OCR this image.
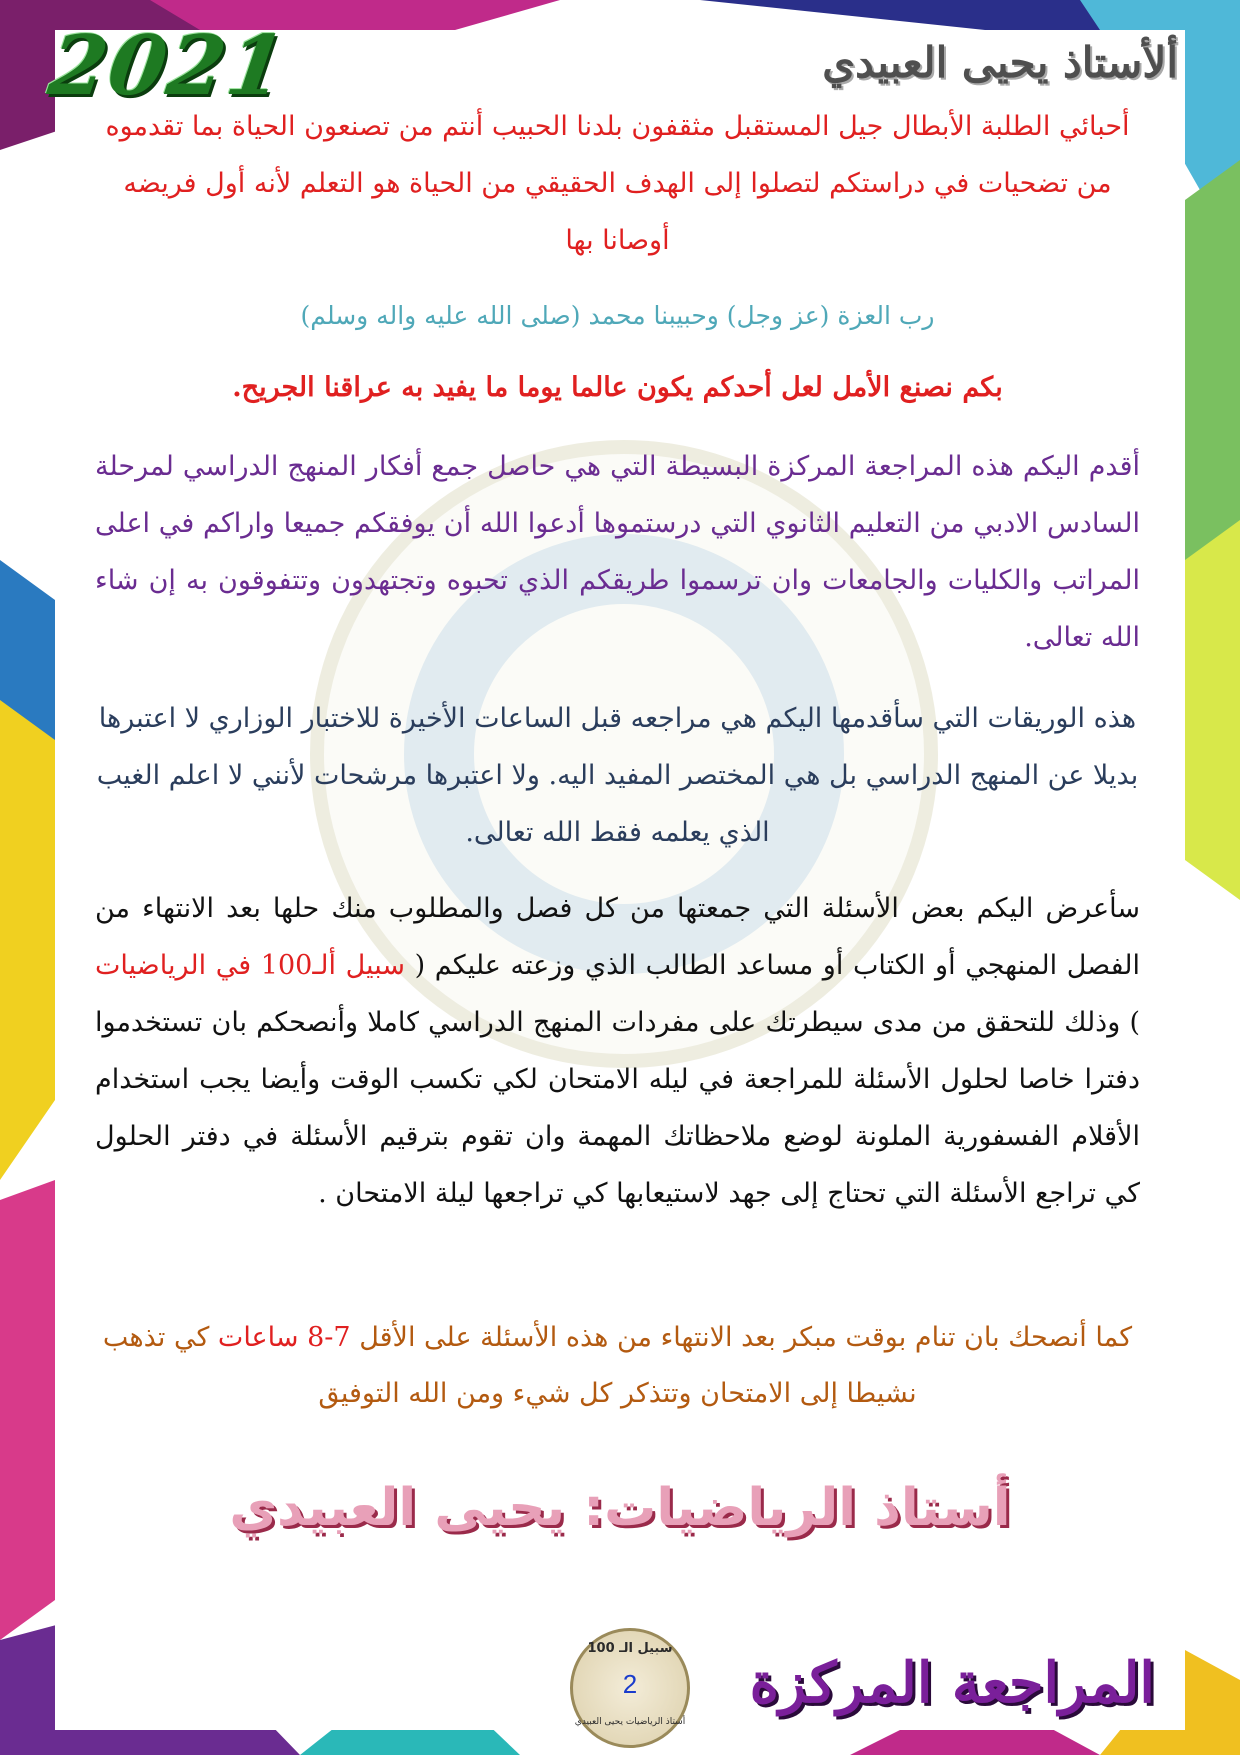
2021	ألأستاذ يحيى العبيدي

أحبائي الطلبة الأبطال جيل المستقبل مثقفون بلدنا الحبيب أنتم من تصنعون الحياة بما تقدموه من تضحيات في دراستكم لتصلوا إلى الهدف الحقيقي من الحياة هو التعلم لأنه أول فريضه أوصانا بها

رب العزة (عز وجل) وحبيبنا محمد (صلى الله عليه واله وسلم)

بكم نصنع الأمل لعل أحدكم يكون عالما يوما ما يفيد به عراقنا الجريح.

أقدم اليكم هذه المراجعة المركزة البسيطة التي هي حاصل جمع أفكار المنهج الدراسي لمرحلة السادس الادبي من التعليم الثانوي التي درستموها أدعوا الله أن يوفقكم جميعا واراكم في اعلى المراتب والكليات والجامعات وان ترسموا طريقكم الذي تحبوه وتجتهدون وتتفوقون به إن شاء الله تعالى.

هذه الوريقات التي سأقدمها اليكم هي مراجعه قبل الساعات الأخيرة للاختبار الوزاري لا اعتبرها بديلا عن المنهج الدراسي بل هي المختصر المفيد اليه. ولا اعتبرها مرشحات لأنني لا اعلم الغيب الذي يعلمه فقط الله تعالى.

سأعرض اليكم بعض الأسئلة التي جمعتها من كل فصل والمطلوب منك حلها بعد الانتهاء من الفصل المنهجي أو الكتاب أو مساعد الطالب الذي وزعته عليكم ( سبيل ألـ100 في الرياضيات ) وذلك للتحقق من مدى سيطرتك على مفردات المنهج الدراسي كاملا وأنصحكم بان تستخدموا دفترا خاصا لحلول الأسئلة للمراجعة في ليله الامتحان لكي تكسب الوقت وأيضا يجب استخدام الأقلام الفسفورية الملونة لوضع ملاحظاتك المهمة وان تقوم بترقيم الأسئلة في دفتر الحلول كي تراجع الأسئلة التي تحتاج إلى جهد لاستيعابها كي تراجعها ليلة الامتحان .

كما أنصحك بان تنام بوقت مبكر بعد الانتهاء من هذه الأسئلة على الأقل 7-8 ساعات كي تذهب نشيطا إلى الامتحان وتتذكر كل شيء ومن الله التوفيق

أستاذ الرياضيات: يحيى العبيدي
سبيل الـ 100
2
أستاذ الرياضيات يحيى العبيدي
المراجعة المركزة
